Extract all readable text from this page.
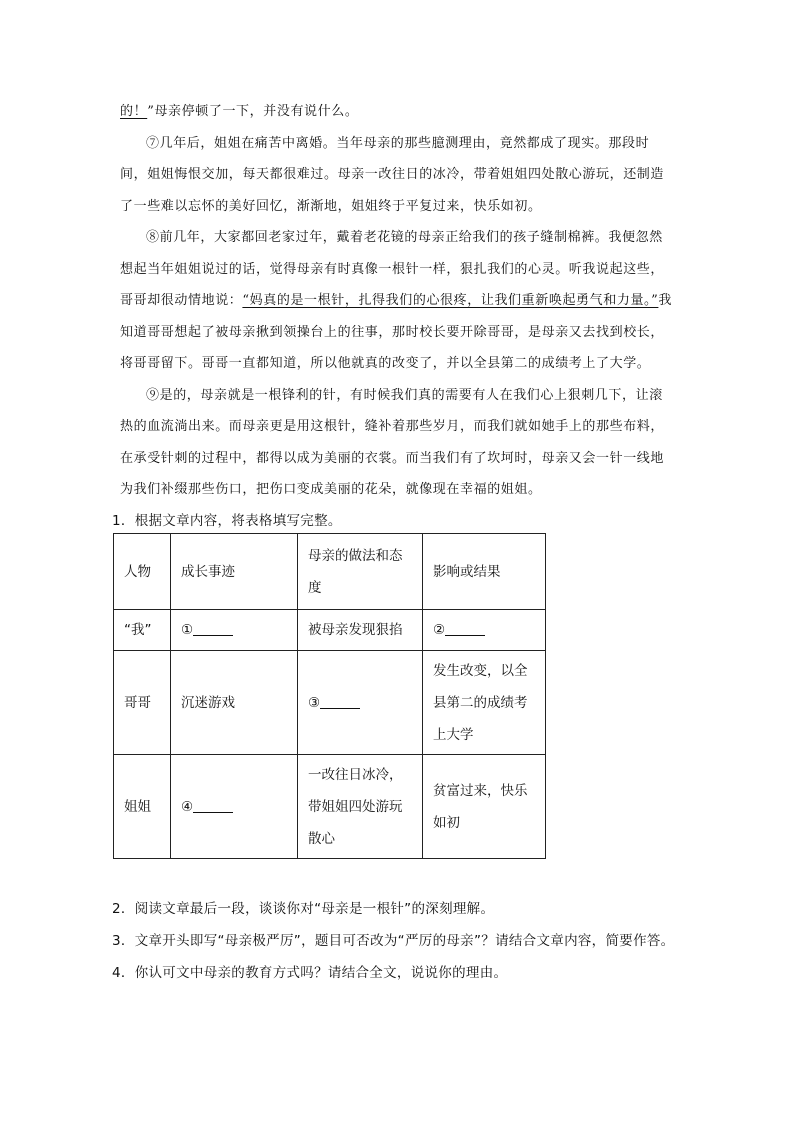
的！”母亲停顿了一下，并没有说什么。

⑦几年后，姐姐在痛苦中离婚。当年母亲的那些臆测理由，竟然都成了现实。那段时间，姐姐悔恨交加，每天都很难过。母亲一改往日的冰冷，带着姐姐四处散心游玩，还制造了一些难以忘怀的美好回忆，渐渐地，姐姐终于平复过来，快乐如初。

⑧前几年，大家都回老家过年，戴着老花镜的母亲正给我们的孩子缝制棉裤。我便忽然想起当年姐姐说过的话，觉得母亲有时真像一根针一样，狠扎我们的心灵。听我说起这些，哥哥却很动情地说：“妈真的是一根针，扎得我们的心很疼，让我们重新唤起勇气和力量。”我知道哥哥想起了被母亲揪到领操台上的往事，那时校长要开除哥哥，是母亲又去找到校长，将哥哥留下。哥哥一直都知道，所以他就真的改变了，并以全县第二的成绩考上了大学。

⑨是的，母亲就是一根锋利的针，有时候我们真的需要有人在我们心上狠刺几下，让滚热的血流淌出来。而母亲更是用这根针，缝补着那些岁月，而我们就如她手上的那些布料，在承受针刺的过程中，都得以成为美丽的衣裳。而当我们有了坎坷时，母亲又会一针一线地为我们补缀那些伤口，把伤口变成美丽的花朵，就像现在幸福的姐姐。

1．根据文章内容，将表格填写完整。
人物	成长事迹	母亲的做法和态度	影响或结果
“我”	①	被母亲发现狠掐	②
哥哥	沉迷游戏	③	发生改变，以全县第二的成绩考上大学
姐姐	④	一改往日冰冷，带姐姐四处游玩散心	贫富过来，快乐如初
2．阅读文章最后一段，谈谈你对“母亲是一根针”的深刻理解。
3．文章开头即写“母亲极严厉”，题目可否改为“严厉的母亲”？请结合文章内容，简要作答。
4．你认可文中母亲的教育方式吗？请结合全文，说说你的理由。
